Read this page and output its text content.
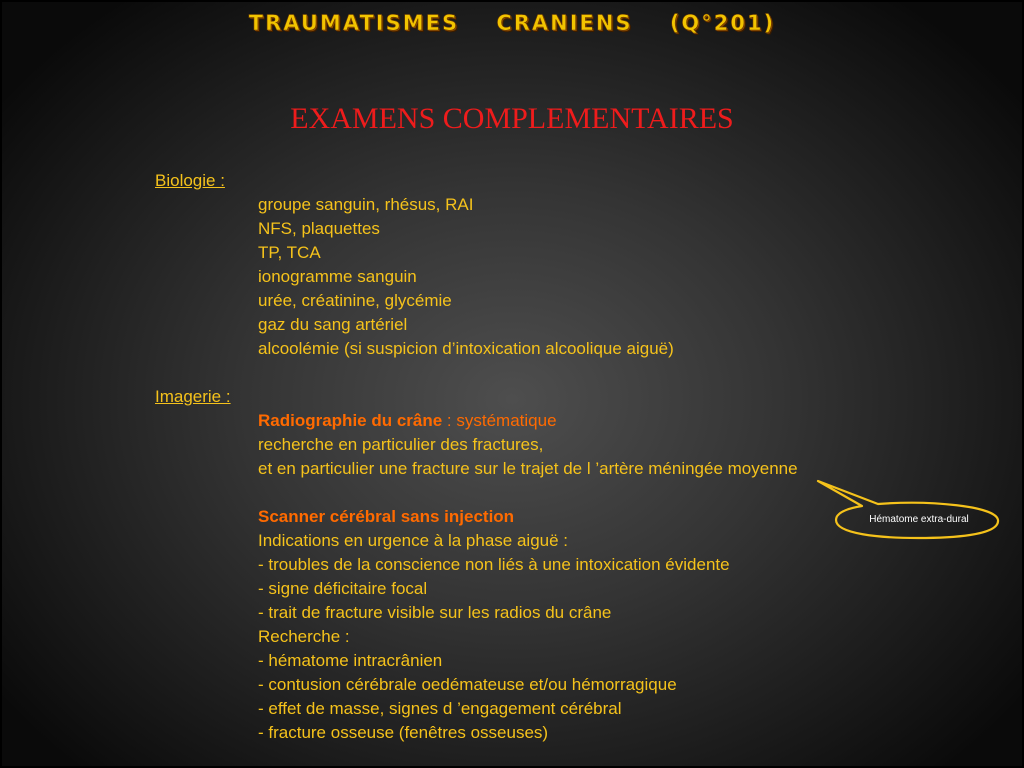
TRAUMATISMES    CRANIENS    (Q°201)
EXAMENS COMPLEMENTAIRES
Biologie :
groupe sanguin, rhésus, RAI
NFS, plaquettes
TP, TCA
ionogramme sanguin
urée, créatinine, glycémie
gaz du sang artériel
alcoolémie (si suspicion d’intoxication alcoolique aiguë)
Imagerie :
Radiographie du crâne : systématique
recherche en particulier des fractures,
et en particulier une fracture sur le trajet de l ’artère méningée moyenne
Scanner cérébral sans injection
Indications en urgence à la phase aiguë :
- troubles de la conscience non liés à une intoxication évidente
- signe déficitaire focal
- trait de fracture visible sur les radios du crâne
Recherche :
- hématome intracrânien
- contusion cérébrale oedémateuse et/ou hémorragique
- effet de masse, signes d ’engagement cérébral
- fracture osseuse (fenêtres osseuses)
Hématome extra-dural
